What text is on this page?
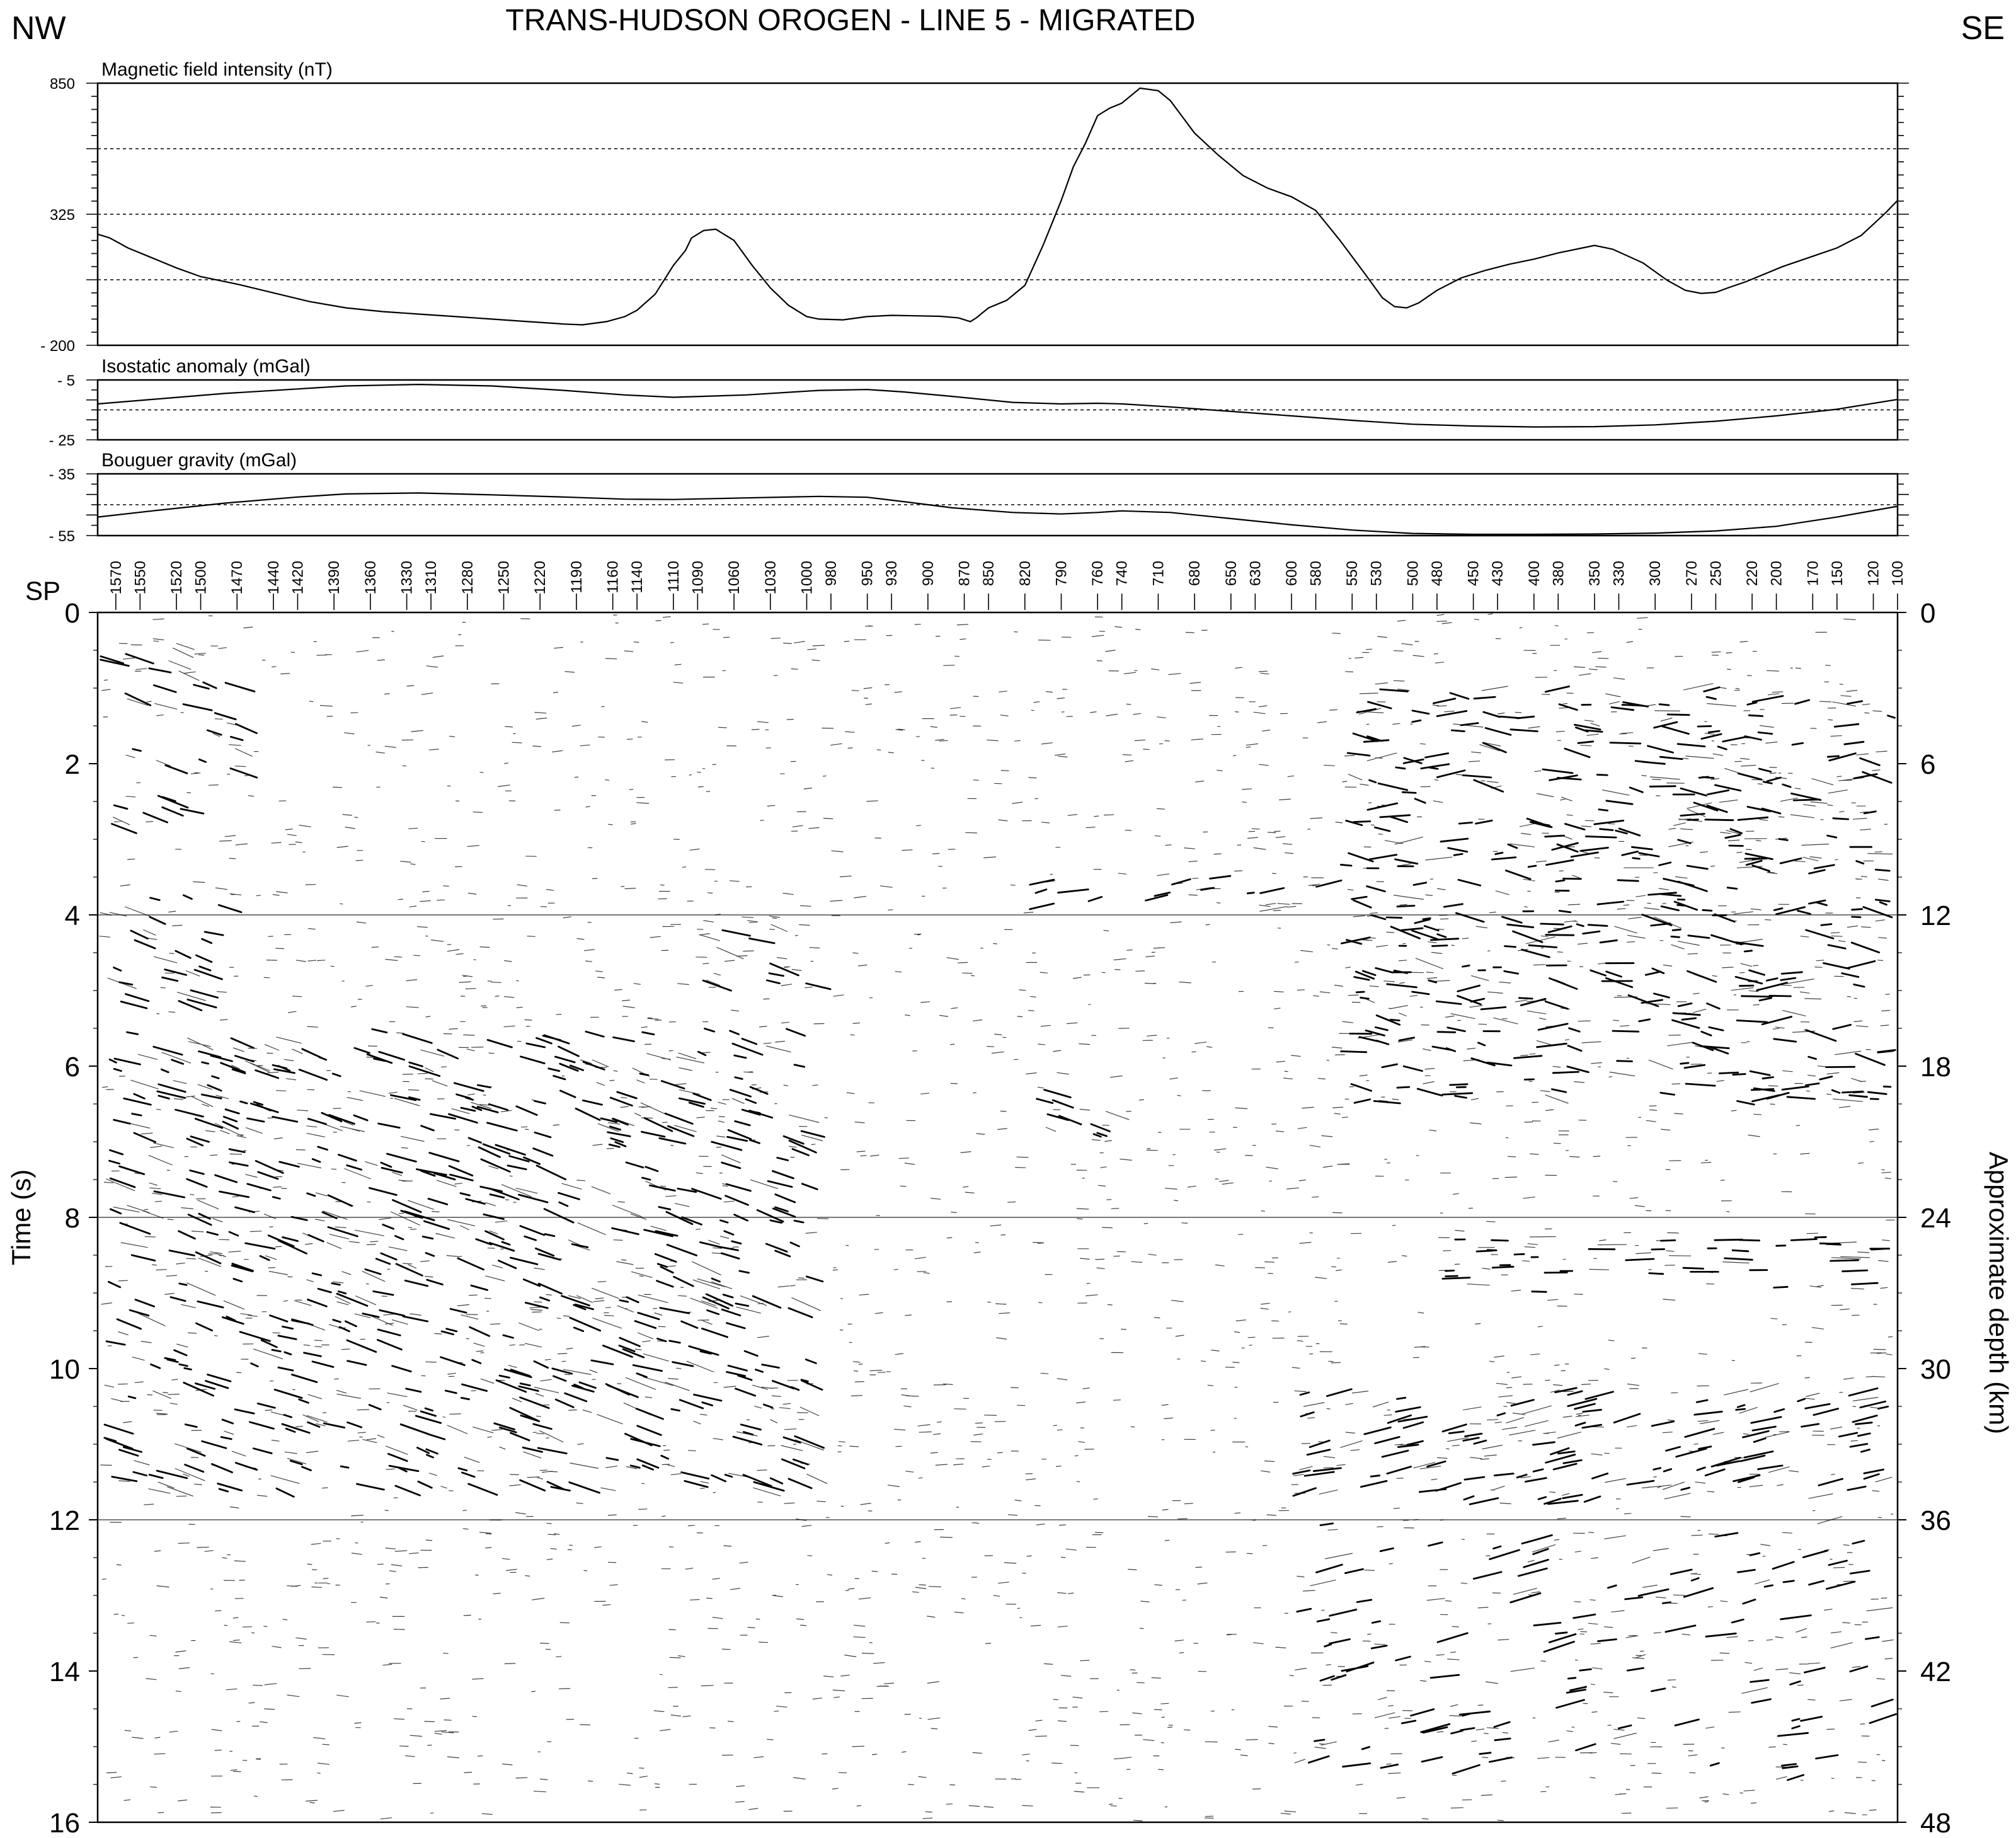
TRANS-HUDSON OROGEN - LINE 5 - MIGRATED
NW	SE
SP
Magnetic field intensity (nT)
850
325
- 200
Isostatic anomaly (mGal)
- 5
- 25
Bouguer gravity (mGal)
- 35
- 55
1570 1550 1520 1500 1470 1440 1420 1390 1360 1330 1310 1280 1250 1220 1190 1160 1140 1110 1090 1060 1030 1000 980 950 930 900 870 850 820 790 760 740 710 680 650 630 600 580 550 530 500 480 450 430 400 380 350 330 300 270 250 220 200 170 150 120 100
0	0
2	6
4	12
6	18
8	24
10	30
12	36
14	42
16	48
Time (s)	Approximate depth (km)
